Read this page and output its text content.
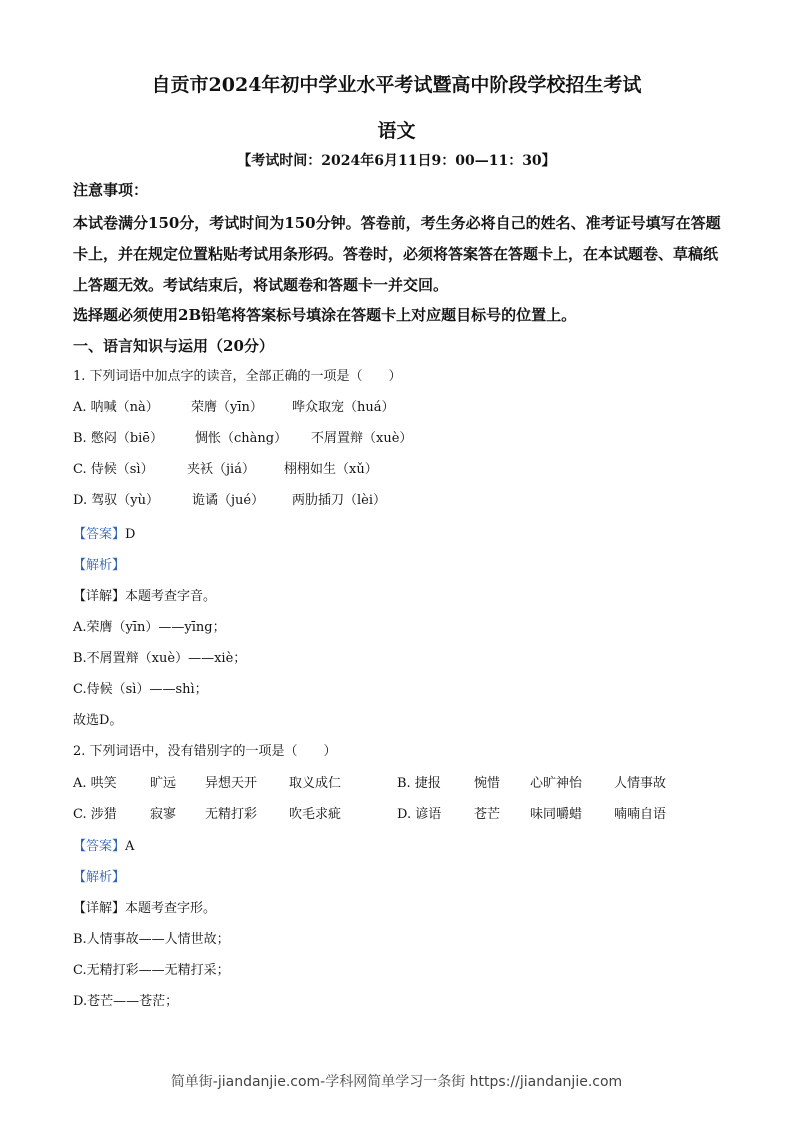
自贡市2024年初中学业水平考试暨高中阶段学校招生考试
语文
【考试时间：2024年6月11日9：00—11：30】
注意事项：
本试卷满分150分，考试时间为150分钟。答卷前，考生务必将自己的姓名、准考证号填写在答题卡上，并在规定位置粘贴考试用条形码。答卷时，必须将答案答在答题卡上，在本试题卷、草稿纸上答题无效。考试结束后，将试题卷和答题卡一并交回。
选择题必须使用2B铅笔将答案标号填涂在答题卡上对应题目标号的位置上。
一、语言知识与运用（20分）
1. 下列词语中加点字的读音，全部正确的一项是（　　）
A. 呐喊（nà） 荣膺（yīn） 哗众取宠（huá）
B. 憋闷（biē） 惆怅（chàng） 不屑置辩（xuè）
C. 侍候（sì）	夹袄（jiá） 栩栩如生（xǔ）
D. 驾驭（yù）	诡谲（jué） 两肋插刀（lèi）
【答案】D
【解析】
【详解】本题考查字音。
A.荣膺（yīn）——yīng；
B.不屑置辩（xuè）——xiè；
C.侍候（sì）——shì；
故选D。
2. 下列词语中，没有错别字的一项是（　　）
A. 哄笑	旷远 异想天开 取义成仁	B. 捷报	惋惜 心旷神怡 人情事故
C. 涉猎	寂寥 无精打彩 吹毛求疵	D. 谚语	苍芒 味同嚼蜡 喃喃自语
【答案】A
【解析】
【详解】本题考查字形。
B.人情事故——人情世故；
C.无精打彩——无精打采；
D.苍芒——苍茫；
简单街-jiandanjie.com-学科网简单学习一条街 https://jiandanjie.com
